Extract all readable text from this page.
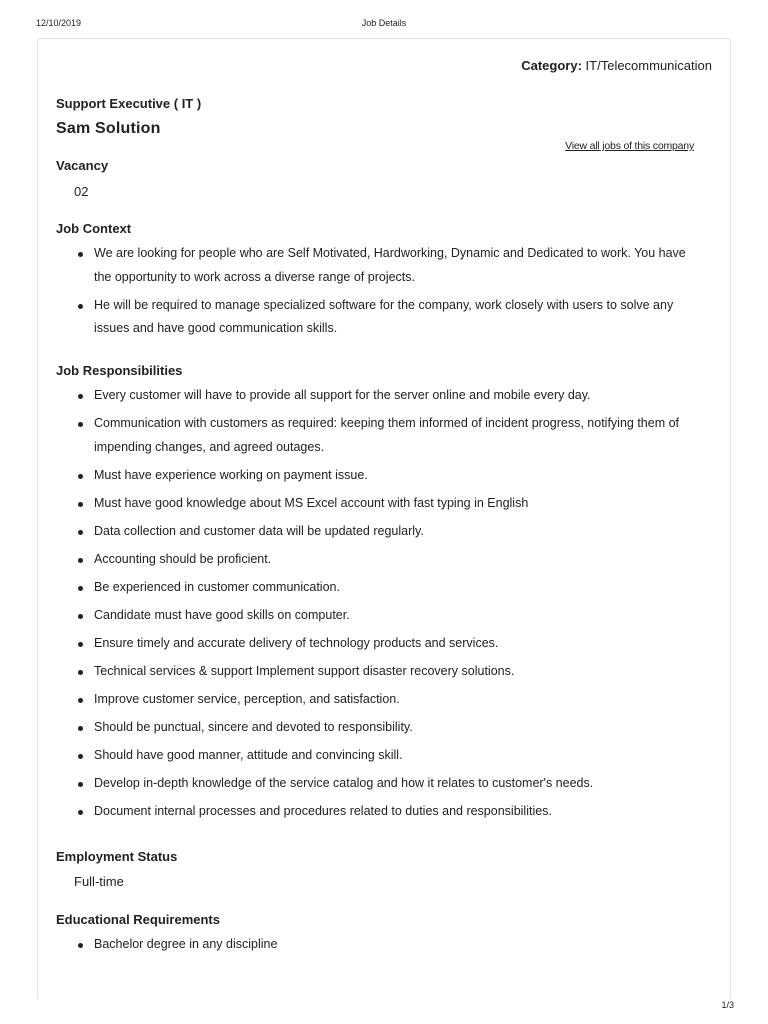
12/10/2019	Job Details
Category: IT/Telecommunication
Support Executive ( IT )
Sam Solution
View all jobs of this company
Vacancy
02
Job Context
We are looking for people who are Self Motivated, Hardworking, Dynamic and Dedicated to work. You have the opportunity to work across a diverse range of projects.
He will be required to manage specialized software for the company, work closely with users to solve any issues and have good communication skills.
Job Responsibilities
Every customer will have to provide all support for the server online and mobile every day.
Communication with customers as required: keeping them informed of incident progress, notifying them of impending changes, and agreed outages.
Must have experience working on payment issue.
Must have good knowledge about MS Excel account with fast typing in English
Data collection and customer data will be updated regularly.
Accounting should be proficient.
Be experienced in customer communication.
Candidate must have good skills on computer.
Ensure timely and accurate delivery of technology products and services.
Technical services & support Implement support disaster recovery solutions.
Improve customer service, perception, and satisfaction.
Should be punctual, sincere and devoted to responsibility.
Should have good manner, attitude and convincing skill.
Develop in-depth knowledge of the service catalog and how it relates to customer's needs.
Document internal processes and procedures related to duties and responsibilities.
Employment Status
Full-time
Educational Requirements
Bachelor degree in any discipline
1/3
